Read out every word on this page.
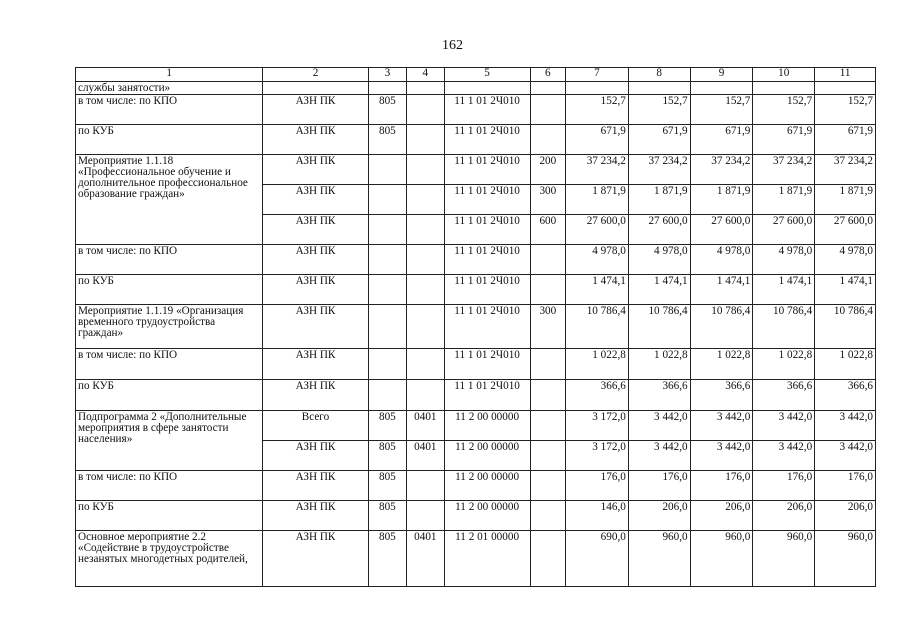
162
1	2	3	4	5	6	7	8	9	10	11
службы занятости»										
в том числе: по КПО	АЗН ПК	805		11 1 01 2Ч010		152,7	152,7	152,7	152,7	152,7
по КУБ	АЗН ПК	805		11 1 01 2Ч010		671,9	671,9	671,9	671,9	671,9
Мероприятие 1.1.18 «Профессиональное обучение и дополнительное профессиональное образование граждан»	АЗН ПК			11 1 01 2Ч010	200	37 234,2	37 234,2	37 234,2	37 234,2	37 234,2
	АЗН ПК			11 1 01 2Ч010	300	1 871,9	1 871,9	1 871,9	1 871,9	1 871,9
	АЗН ПК			11 1 01 2Ч010	600	27 600,0	27 600,0	27 600,0	27 600,0	27 600,0
в том числе: по КПО	АЗН ПК			11 1 01 2Ч010		4 978,0	4 978,0	4 978,0	4 978,0	4 978,0
по КУБ	АЗН ПК			11 1 01 2Ч010		1 474,1	1 474,1	1 474,1	1 474,1	1 474,1
Мероприятие 1.1.19 «Организация временного трудоустройства граждан»	АЗН ПК			11 1 01 2Ч010	300	10 786,4	10 786,4	10 786,4	10 786,4	10 786,4
в том числе: по КПО	АЗН ПК			11 1 01 2Ч010		1 022,8	1 022,8	1 022,8	1 022,8	1 022,8
по КУБ	АЗН ПК			11 1 01 2Ч010		366,6	366,6	366,6	366,6	366,6
Подпрограмма 2 «Дополнительные мероприятия в сфере занятости населения»	Всего	805	0401	11 2 00 00000		3 172,0	3 442,0	3 442,0	3 442,0	3 442,0
	АЗН ПК	805	0401	11 2 00 00000		3 172,0	3 442,0	3 442,0	3 442,0	3 442,0
в том числе: по КПО	АЗН ПК	805		11 2 00 00000		176,0	176,0	176,0	176,0	176,0
по КУБ	АЗН ПК	805		11 2 00 00000		146,0	206,0	206,0	206,0	206,0
Основное мероприятие 2.2 «Содействие в трудоустройстве незанятых многодетных родителей,	АЗН ПК	805	0401	11 2 01 00000		690,0	960,0	960,0	960,0	960,0
